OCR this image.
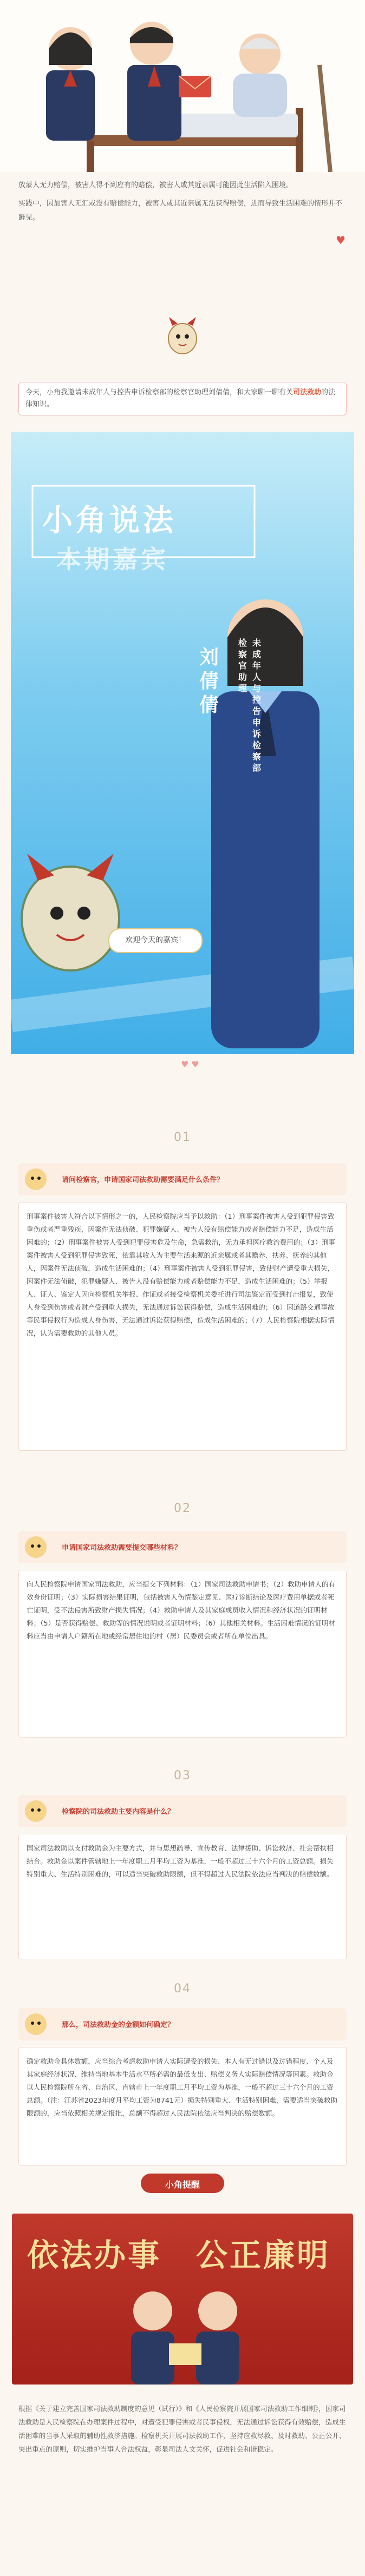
放蒙人无力赔偿，被害人得不到应有的赔偿，被害人或其近亲属可能因此生活陷入困境。

实践中，因加害人无汇或没有赔偿能力，被害人或其近亲属无法获得赔偿，进而导致生活困难的情形并不鲜见。

♥
今天，小角我邀请未成年人与控告申诉检察部的检察官助理刘倩倩，和大家聊一聊有关司法救助的法律知识。
小角说法
本期嘉宾
刘倩倩
检察官助理
未成年人与控告申诉检察部
欢迎今天的嘉宾！
♥ ♥
01
请问检察官，申请国家司法救助需要满足什么条件？

刑事案件被害人符合以下情形之一的，人民检察院应当予以救助：（1）刑事案件被害人受到犯罪侵害致重伤或者严重残疾，因案件无法侦破、犯罪嫌疑人、被告人没有赔偿能力或者赔偿能力不足，造成生活困难的；（2）刑事案件被害人受到犯罪侵害危及生命，急需救治，无力承担医疗救治费用的；（3）刑事案件被害人受到犯罪侵害致死，依靠其收入为主要生活来源的近亲属或者其赡养、扶养、抚养的其他人，因案件无法侦破，造成生活困难的；（4）刑事案件被害人受到犯罪侵害，致使财产遭受重大损失，因案件无法侦破，犯罪嫌疑人、被告人没有赔偿能力或者赔偿能力不足，造成生活困难的；（5）举报人、证人、鉴定人因向检察机关举报、作证或者接受检察机关委托进行司法鉴定而受到打击报复，致使人身受到伤害或者财产受到重大损失，无法通过诉讼获得赔偿，造成生活困难的；（6）因道路交通事故等民事侵权行为造成人身伤害，无法通过诉讼获得赔偿，造成生活困难的；（7）人民检察院根据实际情况，认为需要救助的其他人员。

02
申请国家司法救助需要提交哪些材料？

向人民检察院申请国家司法救助，应当提交下列材料：（1）国家司法救助申请书；（2）救助申请人的有效身份证明；（3）实际损害结果证明，包括被害人伤情鉴定意见、医疗诊断结论及医疗费用单据或者死亡证明，受不法侵害所致财产损失情况；（4）救助申请人及其家庭成员收入情况和经济状况的证明材料；（5）是否获得赔偿、救助等的情况说明或者证明材料；（6）其他相关材料。生活困难情况的证明材料应当由申请人户籍所在地或经常居住地的村（居）民委员会或者所在单位出具。

03
检察院的司法救助主要内容是什么？

国家司法救助以支付救助金为主要方式，并与思想疏导、宣传教育、法律援助、诉讼救济、社会帮扶相结合。救助金以案件管辖地上一年度职工月平均工资为基准，一般不超过三十六个月的工资总额。损失特别重大、生活特别困难的，可以适当突破救助限额，但不得超过人民法院依法应当判决的赔偿数额。

04
那么，司法救助金的金额如何确定？

确定救助金具体数额，应当综合考虑救助申请人实际遭受的损失、本人有无过错以及过错程度、个人及其家庭经济状况、维持当地基本生活水平所必需的最低支出、赔偿义务人实际赔偿情况等因素。救助金以人民检察院所在省、自治区、直辖市上一年度职工月平均工资为基准，一般不超过三十六个月的工资总额。（注：江苏省2023年度月平均工资为8741元）损失特别重大、生活特别困难，需要适当突破救助限额的，应当依照相关规定报批，总额不得超过人民法院依法应当判决的赔偿数额。

小角提醒
依法办事 公正廉明
根据《关于建立完善国家司法救助制度的意见（试行）》和《人民检察院开展国家司法救助工作细则》，国家司法救助是人民检察院在办理案件过程中，对遭受犯罪侵害或者民事侵权，无法通过诉讼获得有效赔偿，造成生活困难的当事人采取的辅助性救济措施。检察机关开展司法救助工作，坚持应救尽救、及时救助、公正公开、突出重点的原则，切实维护当事人合法权益，彰显司法人文关怀，促进社会和谐稳定。
